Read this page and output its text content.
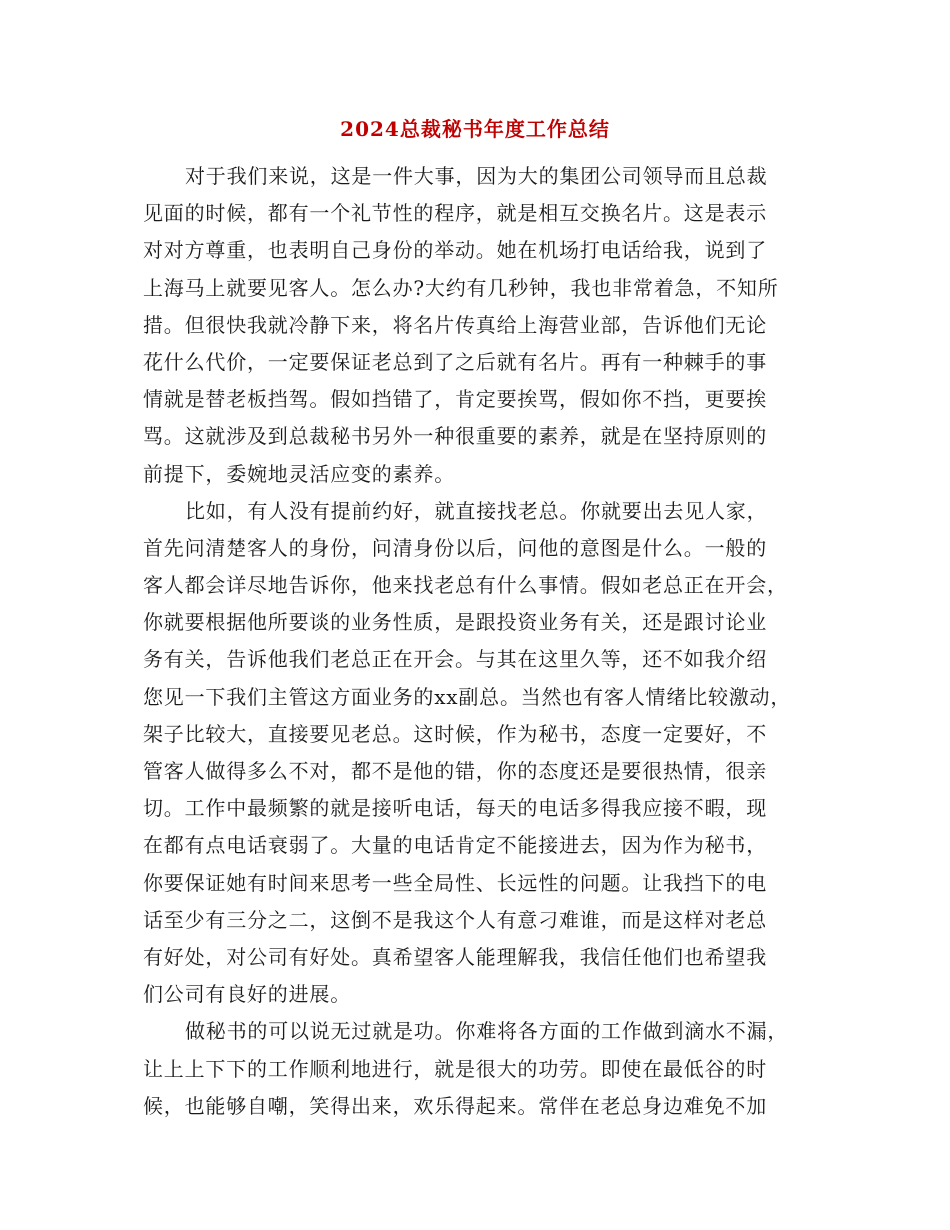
2024总裁秘书年度工作总结
对于我们来说，这是一件大事，因为大的集团公司领导而且总裁
见面的时候，都有一个礼节性的程序，就是相互交换名片。这是表示
对对方尊重，也表明自己身份的举动。她在机场打电话给我，说到了
上海马上就要见客人。怎么办?大约有几秒钟，我也非常着急，不知所
措。但很快我就冷静下来，将名片传真给上海营业部，告诉他们无论
花什么代价，一定要保证老总到了之后就有名片。再有一种棘手的事
情就是替老板挡驾。假如挡错了，肯定要挨骂，假如你不挡，更要挨
骂。这就涉及到总裁秘书另外一种很重要的素养，就是在坚持原则的
前提下，委婉地灵活应变的素养。
比如，有人没有提前约好，就直接找老总。你就要出去见人家，
首先问清楚客人的身份，问清身份以后，问他的意图是什么。一般的
客人都会详尽地告诉你，他来找老总有什么事情。假如老总正在开会，
你就要根据他所要谈的业务性质，是跟投资业务有关，还是跟讨论业
务有关，告诉他我们老总正在开会。与其在这里久等，还不如我介绍
您见一下我们主管这方面业务的xx副总。当然也有客人情绪比较激动，
架子比较大，直接要见老总。这时候，作为秘书，态度一定要好，不
管客人做得多么不对，都不是他的错，你的态度还是要很热情，很亲
切。工作中最频繁的就是接听电话，每天的电话多得我应接不暇，现
在都有点电话衰弱了。大量的电话肯定不能接进去，因为作为秘书，
你要保证她有时间来思考一些全局性、长远性的问题。让我挡下的电
话至少有三分之二，这倒不是我这个人有意刁难谁，而是这样对老总
有好处，对公司有好处。真希望客人能理解我，我信任他们也希望我
们公司有良好的进展。
做秘书的可以说无过就是功。你难将各方面的工作做到滴水不漏，
让上上下下的工作顺利地进行，就是很大的功劳。即使在最低谷的时
候，也能够自嘲，笑得出来，欢乐得起来。常伴在老总身边难免不加
